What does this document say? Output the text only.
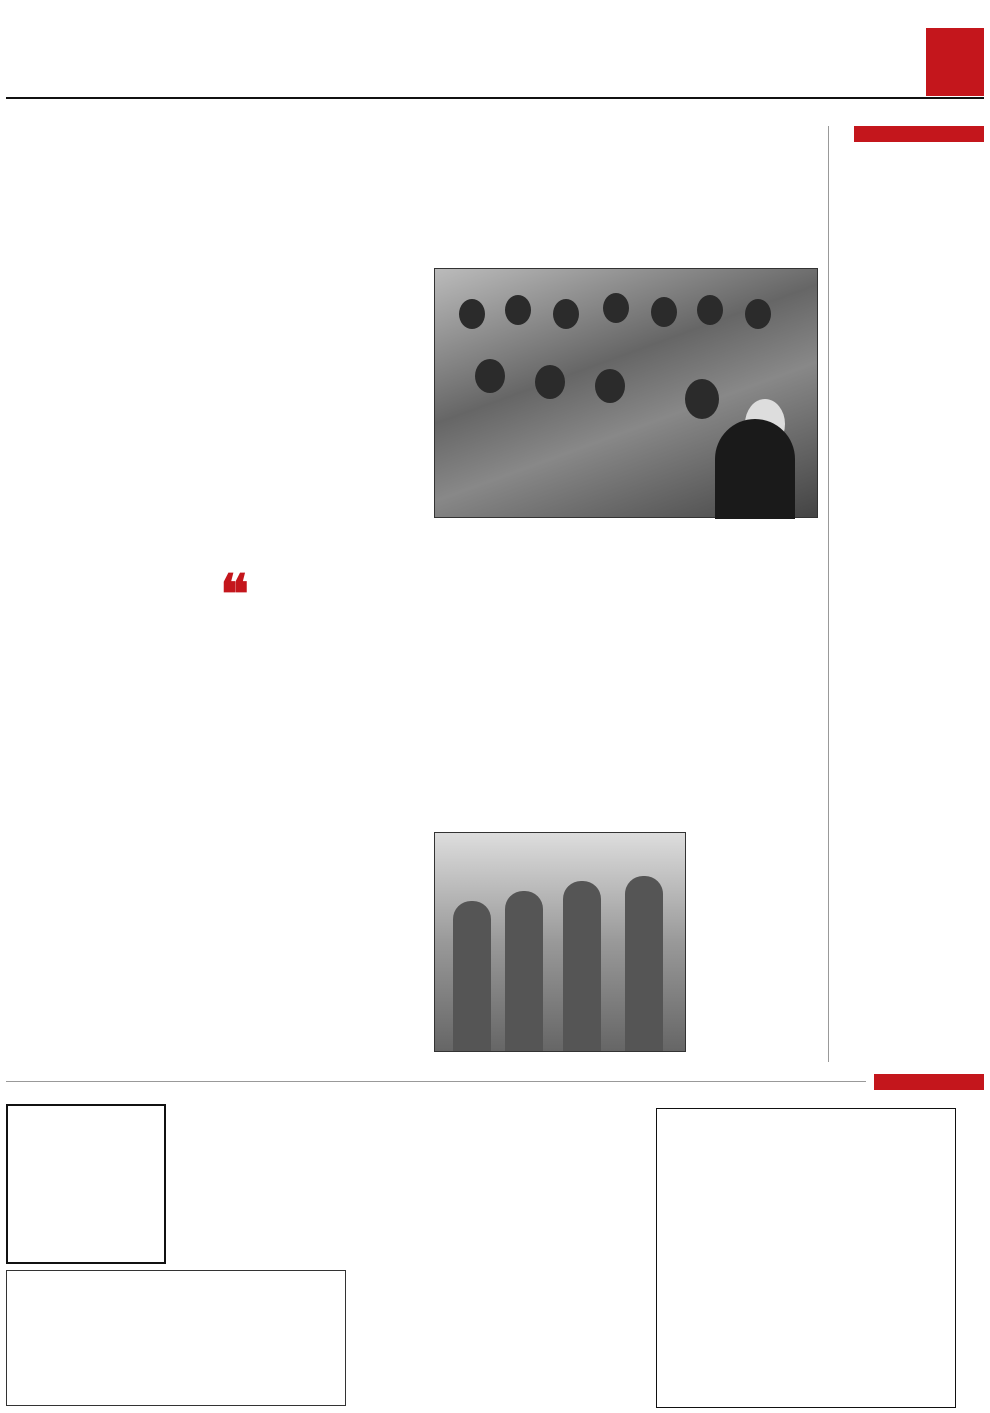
❝
